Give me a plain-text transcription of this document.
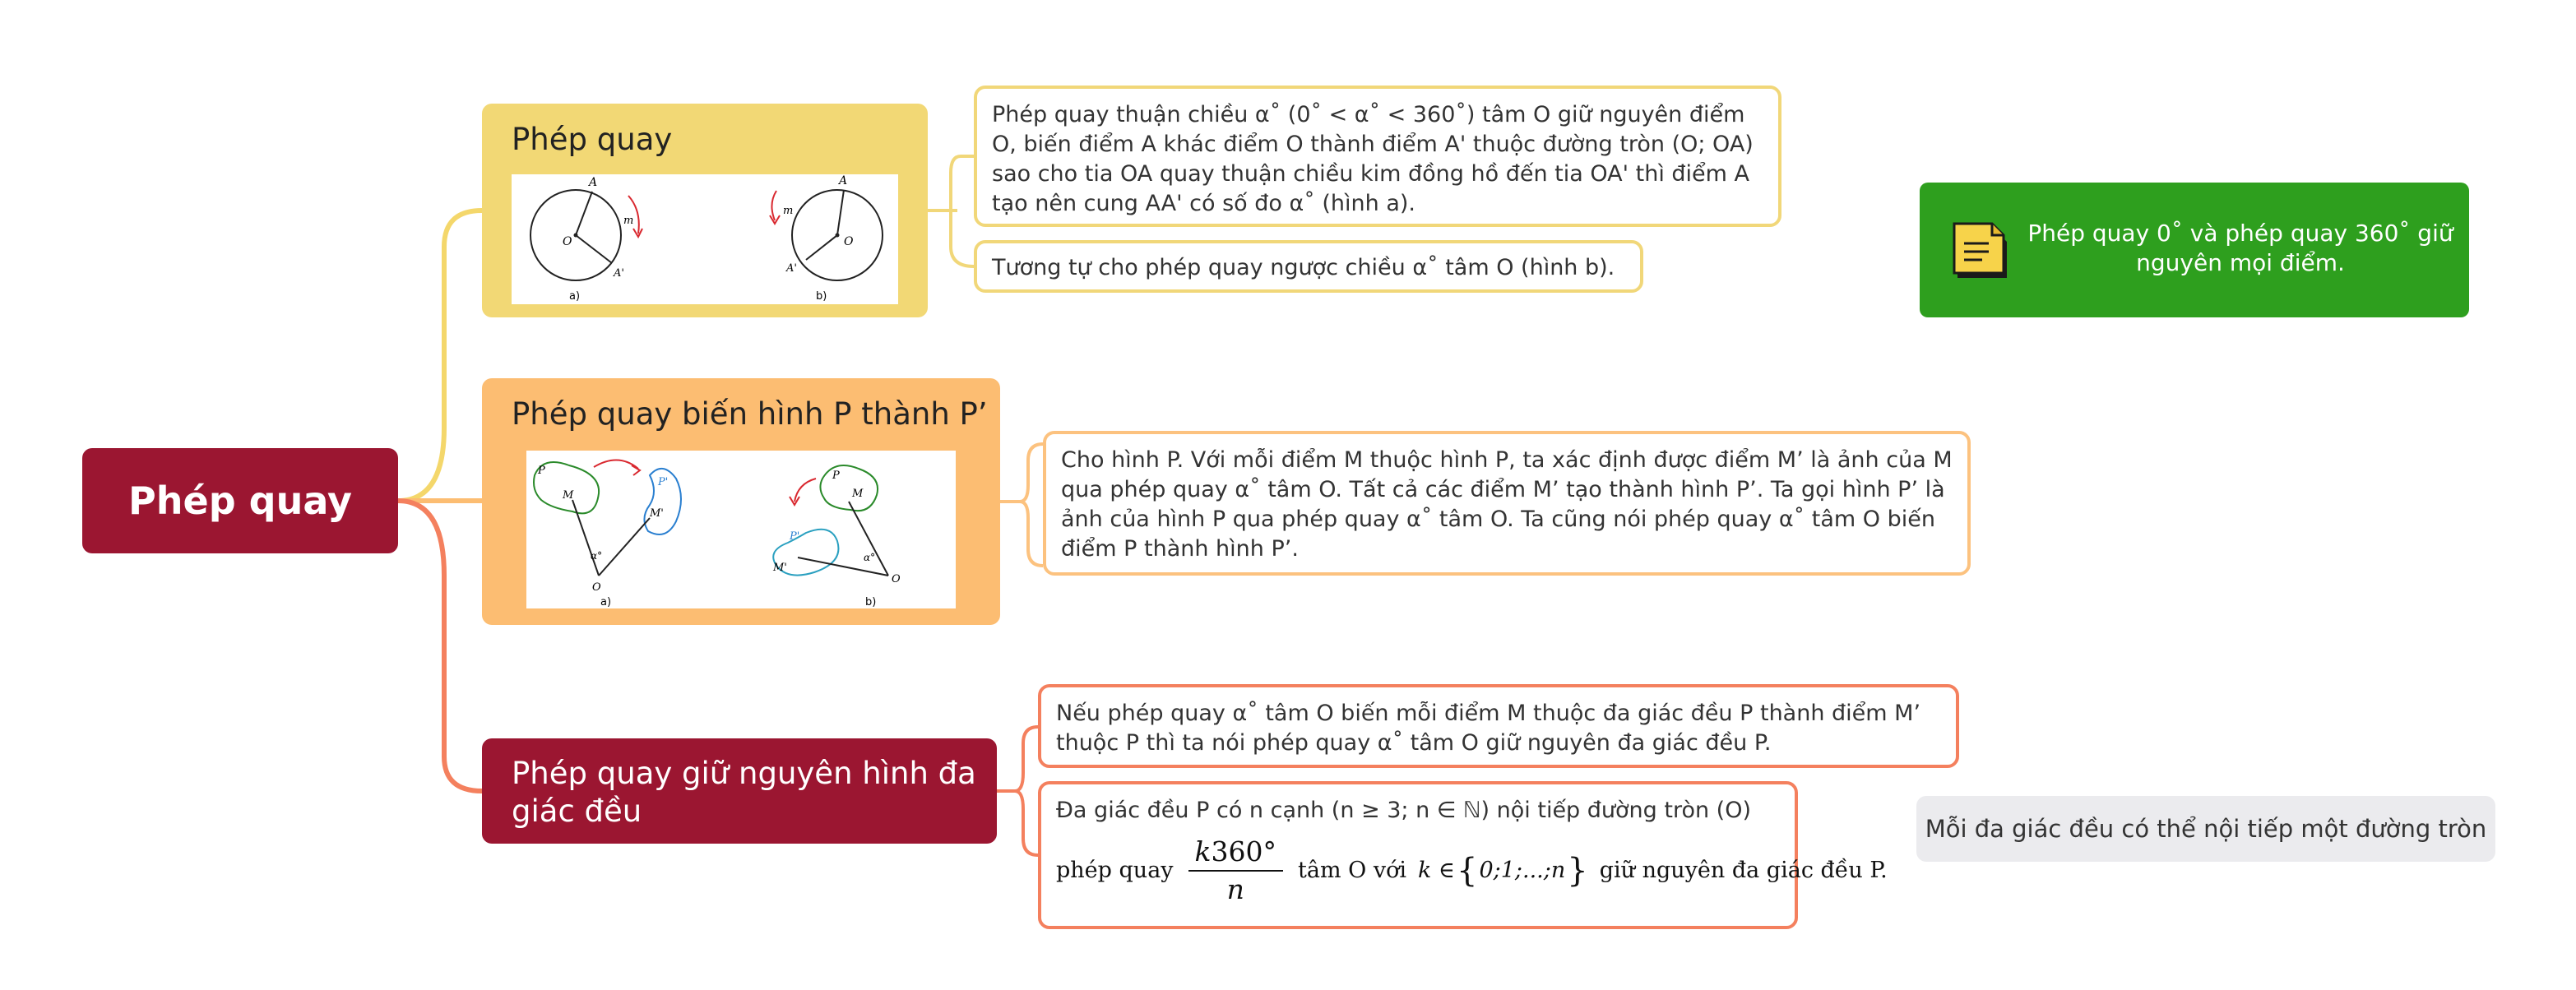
Phép quay
Phép quay
A
O
A'
m
a)
A
O
A'
m
b)
Phép quay biến hình P thành P’
P
P'
M
M'
O
α°
a)
P
P'
M
M'
O
α°
b)
Phép quay giữ nguyên hình đa giác đều
Phép quay thuận chiều α˚ (0˚ < α˚ < 360˚) tâm O giữ nguyên điểm O, biến điểm A khác điểm O thành điểm A' thuộc đường tròn (O; OA) sao cho tia OA quay thuận chiều kim đồng hồ đến tia OA' thì điểm A tạo nên cung AA' có số đo α˚ (hình a).
Tương tự cho phép quay ngược chiều α˚ tâm O (hình b).
Cho hình P. Với mỗi điểm M thuộc hình P, ta xác định được điểm M’ là ảnh của M qua phép quay α˚ tâm O. Tất cả các điểm M’ tạo thành hình P’. Ta gọi hình P’ là ảnh của hình P qua phép quay α˚ tâm O. Ta cũng nói phép quay α˚ tâm O biến điểm P thành hình P’.
Nếu phép quay α˚ tâm O biến mỗi điểm M thuộc đa giác đều P thành điểm M’ thuộc P thì ta nói phép quay α˚ tâm O giữ nguyên đa giác đều P.
Đa giác đều P có n cạnh (n ≥ 3; n ∈ ℕ) nội tiếp đường tròn (O)
phép quay $\frac{k360^\circ}{n}$ tâm O với k ∈ { 0;1;...;n } giữ nguyên đa giác đều P.
Phép quay 0˚ và phép quay 360˚ giữ nguyên mọi điểm.
Mỗi đa giác đều có thể nội tiếp một đường tròn
